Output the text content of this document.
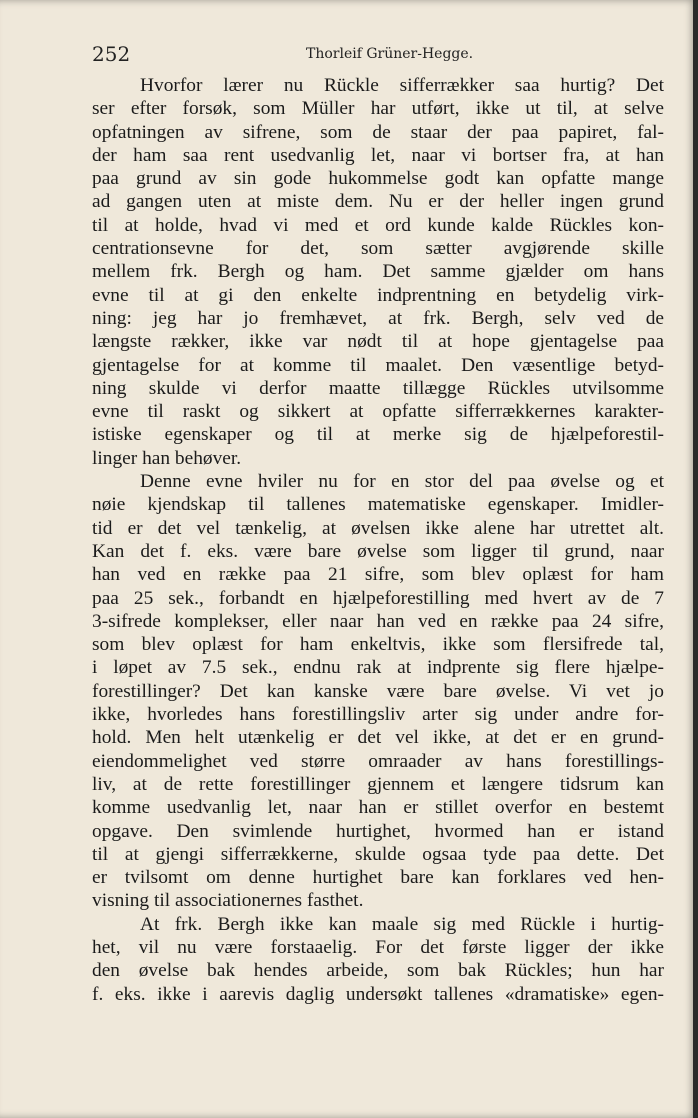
252	Thorleif Grüner-Hegge.
Hvorfor lærer nu Rückle sifferrækker saa hurtig? Det
ser efter forsøk, som Müller har utført, ikke ut til, at selve
opfatningen av sifrene, som de staar der paa papiret, fal-
der ham saa rent usedvanlig let, naar vi bortser fra, at han
paa grund av sin gode hukommelse godt kan opfatte mange
ad gangen uten at miste dem. Nu er der heller ingen grund
til at holde, hvad vi med et ord kunde kalde Rückles kon-
centrationsevne for det, som sætter avgjørende skille
mellem frk. Bergh og ham. Det samme gjælder om hans
evne til at gi den enkelte indprentning en betydelig virk-
ning: jeg har jo fremhævet, at frk. Bergh, selv ved de
længste rækker, ikke var nødt til at hope gjentagelse paa
gjentagelse for at komme til maalet. Den væsentlige betyd-
ning skulde vi derfor maatte tillægge Rückles utvilsomme
evne til raskt og sikkert at opfatte sifferrækkernes karakter-
istiske egenskaper og til at merke sig de hjælpeforestil-
linger han behøver.
Denne evne hviler nu for en stor del paa øvelse og et
nøie kjendskap til tallenes matematiske egenskaper. Imidler-
tid er det vel tænkelig, at øvelsen ikke alene har utrettet alt.
Kan det f. eks. være bare øvelse som ligger til grund, naar
han ved en række paa 21 sifre, som blev oplæst for ham
paa 25 sek., forbandt en hjælpeforestilling med hvert av de 7
3-sifrede komplekser, eller naar han ved en række paa 24 sifre,
som blev oplæst for ham enkeltvis, ikke som flersifrede tal,
i løpet av 7.5 sek., endnu rak at indprente sig flere hjælpe-
forestillinger? Det kan kanske være bare øvelse. Vi vet jo
ikke, hvorledes hans forestillingsliv arter sig under andre for-
hold. Men helt utænkelig er det vel ikke, at det er en grund-
eiendommelighet ved større omraader av hans forestillings-
liv, at de rette forestillinger gjennem et længere tidsrum kan
komme usedvanlig let, naar han er stillet overfor en bestemt
opgave. Den svimlende hurtighet, hvormed han er istand
til at gjengi sifferrækkerne, skulde ogsaa tyde paa dette. Det
er tvilsomt om denne hurtighet bare kan forklares ved hen-
visning til associationernes fasthet.
At frk. Bergh ikke kan maale sig med Rückle i hurtig-
het, vil nu være forstaaelig. For det første ligger der ikke
den øvelse bak hendes arbeide, som bak Rückles; hun har
f. eks. ikke i aarevis daglig undersøkt tallenes «dramatiske» egen-
